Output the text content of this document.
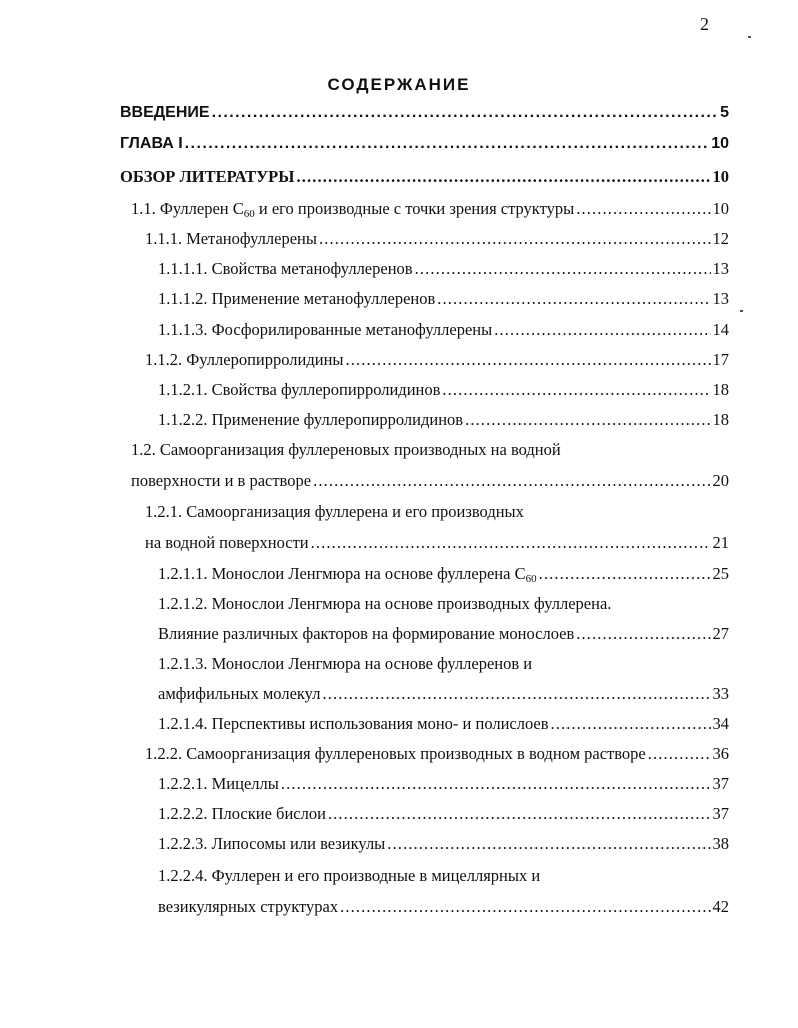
2
СОДЕРЖАНИЕ
ВВЕДЕНИЕ . . .	5
ГЛАВА I . . .	10
ОБЗОР ЛИТЕРАТУРЫ . . .	10
1.1. Фуллерен $C_{60}$ и его производные с точки зрения структуры . . .	10
1.1.1. Метанофуллерены . . .	12
1.1.1.1. Свойства метанофуллеренов . . .	13
1.1.1.2. Применение метанофуллеренов . . .	13
1.1.1.3. Фосфорилированные метанофуллерены . . .	14
1.1.2. Фуллеропирролидины . . .	17
1.1.2.1. Свойства фуллеропирролидинов . . .	18
1.1.2.2. Применение фуллеропирролидинов . . .	18
1.2. Самоорганизация фуллереновых производных на водной
поверхности и в растворе . . .	20
1.2.1. Самоорганизация фуллерена и его производных
на водной поверхности . . .	21
1.2.1.1. Монослои Ленгмюра на основе фуллерена $C_{60}$ . . .	25
1.2.1.2. Монослои Ленгмюра на основе производных фуллерена.
Влияние различных факторов на формирование монослоев . . .	27
1.2.1.3. Монослои Ленгмюра на основе фуллеренов и
амфифильных молекул . . .	33
1.2.1.4. Перспективы использования моно- и полислоев . . .	34
1.2.2. Самоорганизация фуллереновых производных в водном растворе . . .	36
1.2.2.1. Мицеллы . . .	37
1.2.2.2. Плоские бислои . . .	37
1.2.2.3. Липосомы или везикулы . . .	38
1.2.2.4. Фуллерен и его производные в мицеллярных и
везикулярных структурах . . .	42
